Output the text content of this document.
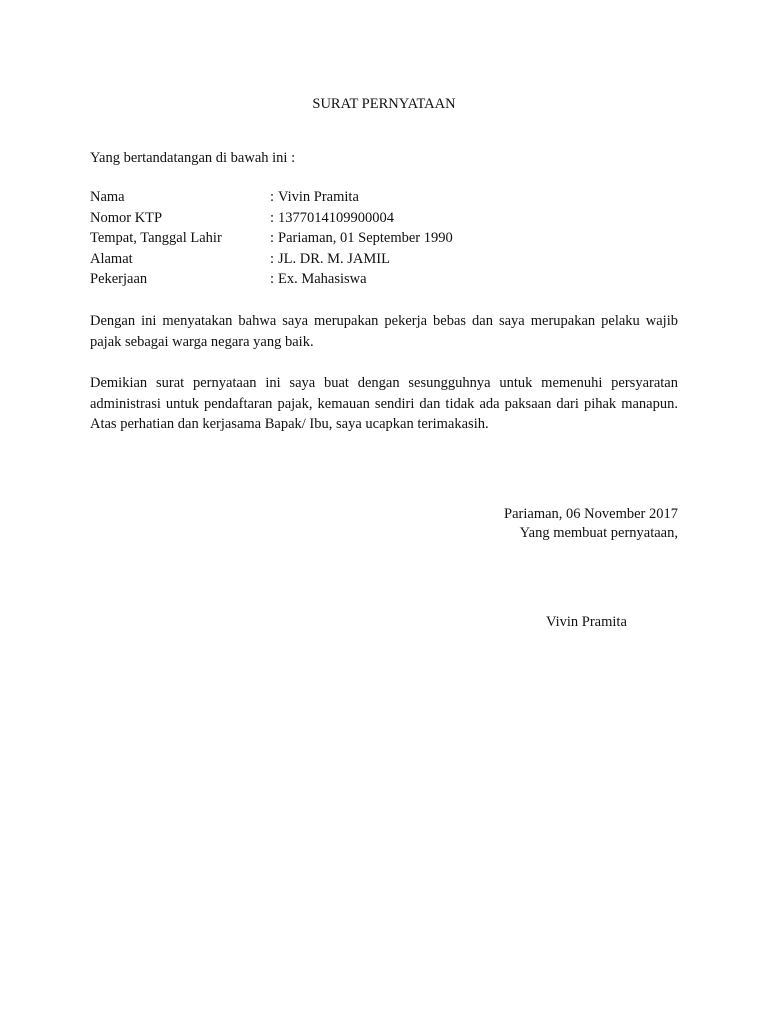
SURAT PERNYATAAN
Yang bertandatangan di bawah ini :
Nama	: Vivin Pramita
Nomor KTP	: 1377014109900004
Tempat, Tanggal Lahir	: Pariaman, 01 September 1990
Alamat	: JL. DR. M. JAMIL
Pekerjaan	: Ex. Mahasiswa

Dengan ini menyatakan bahwa saya merupakan pekerja bebas dan saya merupakan pelaku wajib pajak sebagai warga negara yang baik.

Demikian surat pernyataan ini saya buat dengan sesungguhnya untuk memenuhi persyaratan administrasi untuk pendaftaran pajak, kemauan sendiri dan tidak ada paksaan dari pihak manapun. Atas perhatian dan kerjasama Bapak/ Ibu, saya ucapkan terimakasih.

Pariaman, 06 November 2017
Yang membuat pernyataan,
Vivin Pramita
